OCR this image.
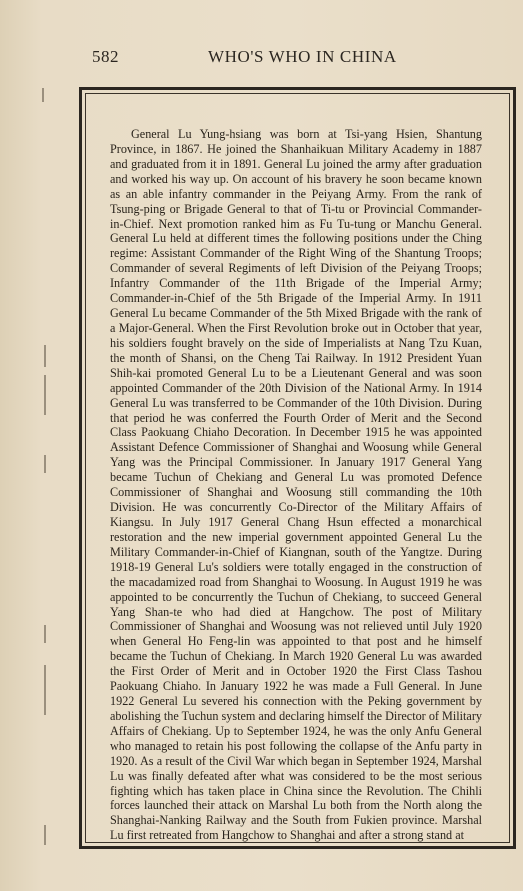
582	WHO'S WHO IN CHINA

General Lu Yung-hsiang was born at Tsi-yang Hsien, Shantung Province, in 1867. He joined the Shanhaikuan Military Academy in 1887 and graduated from it in 1891. General Lu joined the army after graduation and worked his way up. On account of his bravery he soon became known as an able infantry commander in the Peiyang Army. From the rank of Tsung-ping or Brigade General to that of Ti-tu or Provincial Commander-in-Chief. Next promotion ranked him as Fu Tu-tung or Manchu General. General Lu held at different times the following positions under the Ching regime: Assistant Commander of the Right Wing of the Shantung Troops; Commander of several Regiments of left Division of the Peiyang Troops; Infantry Commander of the 11th Brigade of the Imperial Army; Commander-in-Chief of the 5th Brigade of the Imperial Army. In 1911 General Lu became Commander of the 5th Mixed Brigade with the rank of a Major-General. When the First Revolution broke out in October that year, his soldiers fought bravely on the side of Imperialists at Nang Tzu Kuan, the month of Shansi, on the Cheng Tai Railway. In 1912 President Yuan Shih-kai promoted General Lu to be a Lieutenant General and was soon appointed Commander of the 20th Division of the National Army. In 1914 General Lu was transferred to be Commander of the 10th Division. During that period he was conferred the Fourth Order of Merit and the Second Class Paokuang Chiaho Decoration. In December 1915 he was appointed Assistant Defence Commissioner of Shanghai and Woosung while General Yang was the Principal Commissioner. In January 1917 General Yang became Tuchun of Chekiang and General Lu was promoted Defence Commissioner of Shanghai and Woosung still commanding the 10th Division. He was concurrently Co-Director of the Military Affairs of Kiangsu. In July 1917 General Chang Hsun effected a monarchical restoration and the new imperial government appointed General Lu the Military Commander-in-Chief of Kiangnan, south of the Yangtze. During 1918-19 General Lu's soldiers were totally engaged in the construction of the macadamized road from Shanghai to Woosung. In August 1919 he was appointed to be concurrently the Tuchun of Chekiang, to succeed General Yang Shan-te who had died at Hangchow. The post of Military Commissioner of Shanghai and Woosung was not relieved until July 1920 when General Ho Feng-lin was appointed to that post and he himself became the Tuchun of Chekiang. In March 1920 General Lu was awarded the First Order of Merit and in October 1920 the First Class Tashou Paokuang Chiaho. In January 1922 he was made a Full General. In June 1922 General Lu severed his connection with the Peking government by abolishing the Tuchun system and declaring himself the Director of Military Affairs of Chekiang. Up to September 1924, he was the only Anfu General who managed to retain his post following the collapse of the Anfu party in 1920. As a result of the Civil War which began in September 1924, Marshal Lu was finally defeated after what was considered to be the most serious fighting which has taken place in China since the Revolution. The Chihli forces launched their attack on Marshal Lu both from the North along the Shanghai-Nanking Railway and the South from Fukien province. Marshal Lu first retreated from Hangchow to Shanghai and after a strong stand at
